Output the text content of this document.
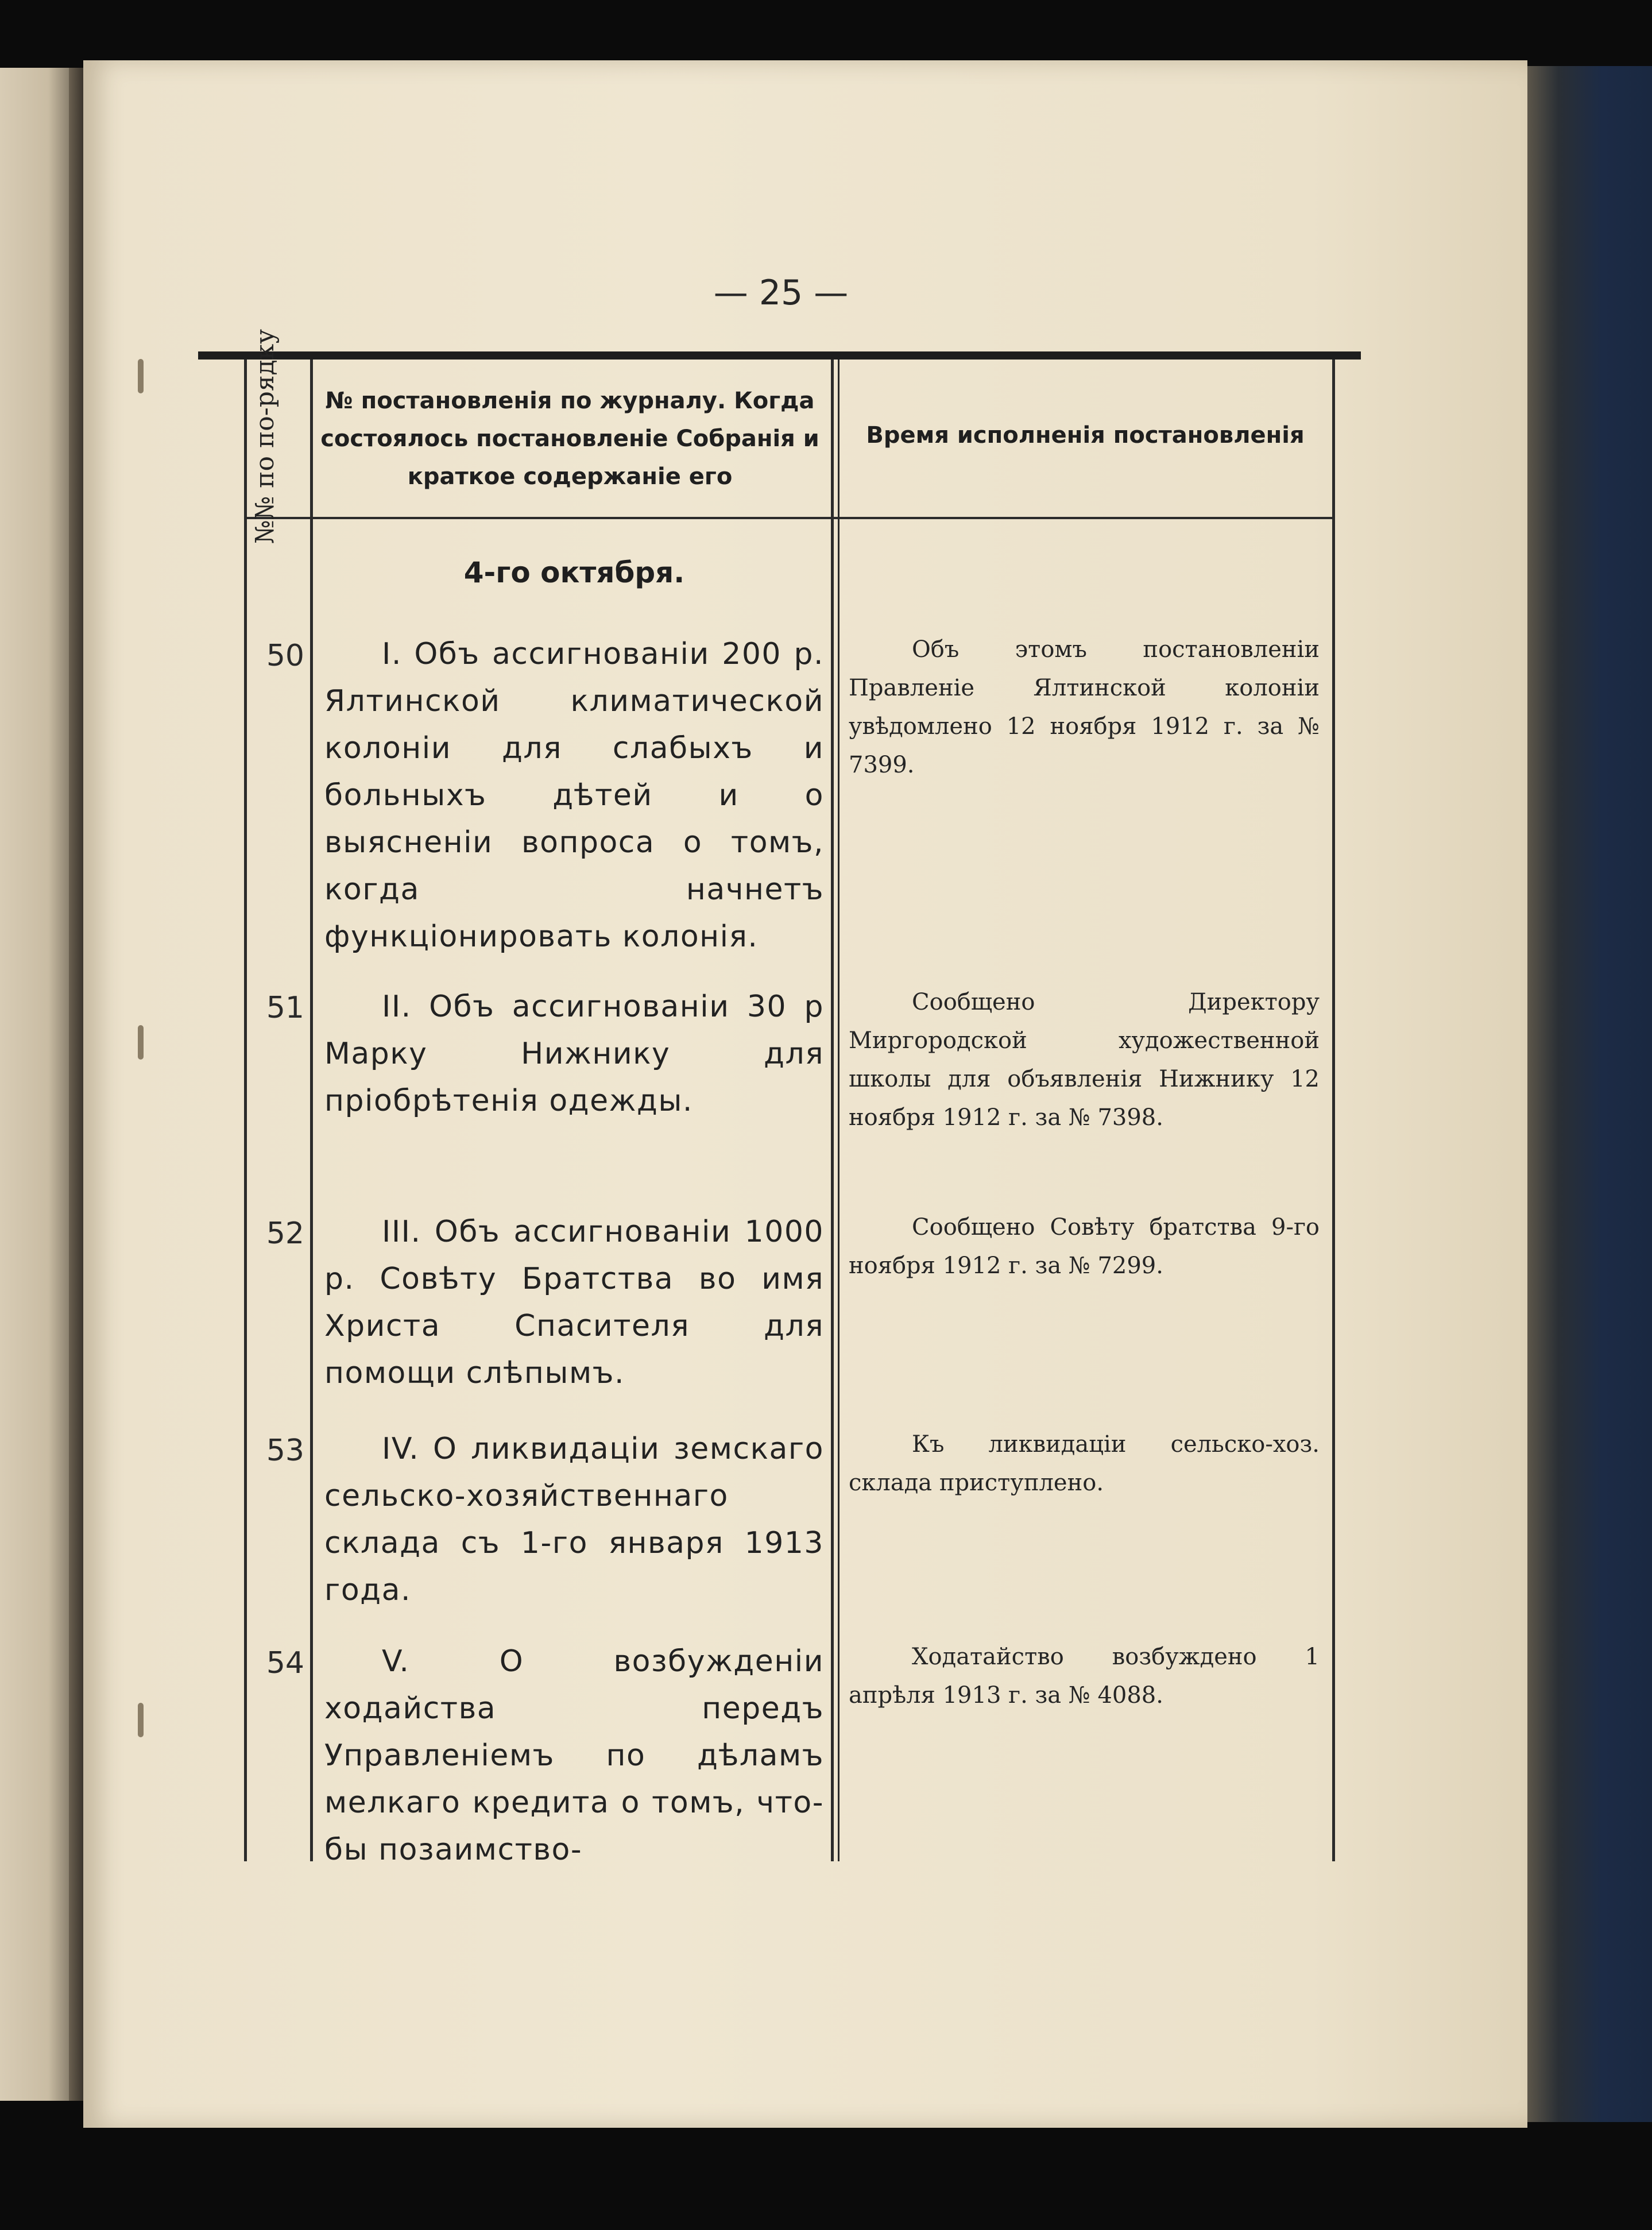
— 25 —
№№ по по-рядку	№ постановленія по журналу. Когда состоялось постановленіе Собранія и краткое содержаніе его
Время исполненія постановленія
4-го октября.
50	I. Объ ассигнованіи 200 р. Ялтинской климатической колоніи для слабыхъ и больныхъ дѣтей и о выясненіи вопроса о томъ, когда начнетъ функціонировать колонія.
Объ этомъ постановленіи Правленіе Ялтинской колоніи увѣдомлено 12 ноября 1912 г. за № 7399.
51	II. Объ ассигнованіи 30 р Марку Нижнику для пріобрѣтенія одежды.
Сообщено Директору Миргородской художественной школы для объявленія Нижнику 12 ноября 1912 г. за № 7398.
52	III. Объ ассигнованіи 1000 р. Совѣту Братства во имя Христа Спасителя для помощи слѣпымъ.
Сообщено Совѣту братства 9-го ноября 1912 г. за № 7299.
53	IV. О ликвидаціи земскаго сельско-хозяйственнаго склада съ 1-го января 1913 года.
Къ ликвидаціи сельско-хоз. склада приступлено.
54	V. О возбужденіи ходайства передъ Управленіемъ по дѣламъ мелкаго кредита о томъ, что-бы позаимство-
Ходатайство возбуждено 1 апрѣля 1913 г. за № 4088.
